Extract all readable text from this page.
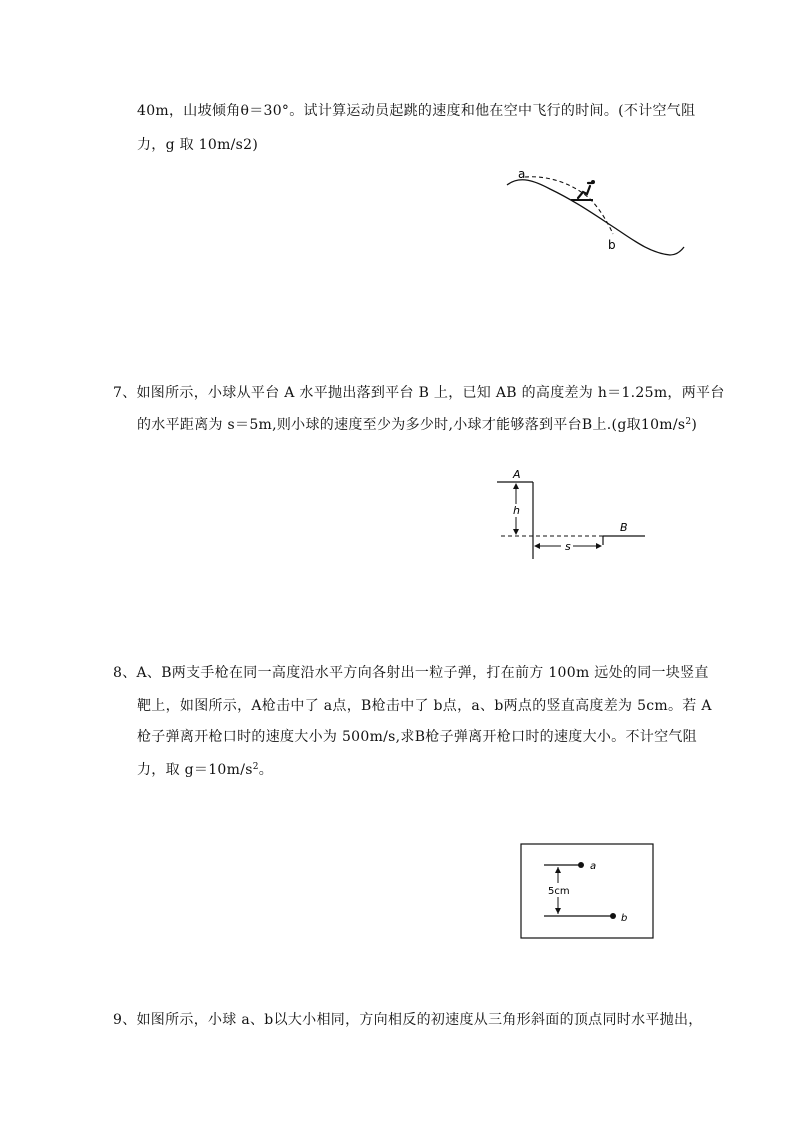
40m，山坡倾角θ＝30°。试计算运动员起跳的速度和他在空中飞行的时间。(不计空气阻
力，g 取 10m/s2)
a
b
7、如图所示，小球从平台 A 水平抛出落到平台 B 上，已知 AB 的高度差为 h＝1.25m，两平台
的水平距离为 s＝5m,则小球的速度至少为多少时,小球才能够落到平台B上.(g取$10m/s^2$)
A
B
h
s
8、A、B两支手枪在同一高度沿水平方向各射出一粒子弹，打在前方 100m 远处的同一块竖直
靶上，如图所示，A枪击中了 a点，B枪击中了 b点，a、b两点的竖直高度差为 5cm。若 A
枪子弹离开枪口时的速度大小为 500m/s,求B枪子弹离开枪口时的速度大小。不计空气阻
力，取 $g=10m/s^2$。
5cm
a
b
9、如图所示，小球 a、b以大小相同，方向相反的初速度从三角形斜面的顶点同时水平抛出，
